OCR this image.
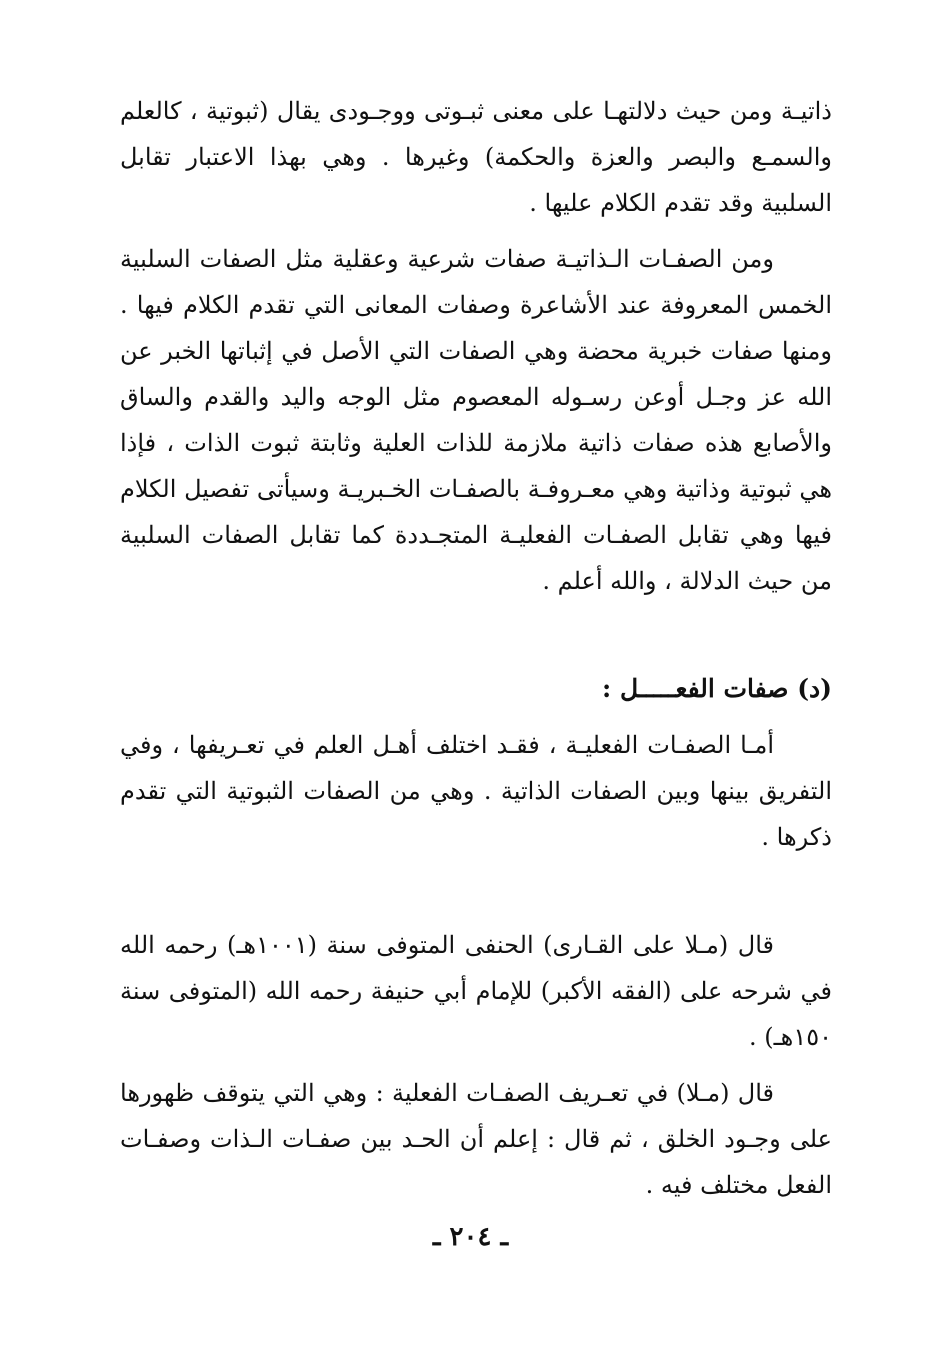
ذاتيـة ومن حيث دلالتهـا على معنى ثبـوتى ووجـودى يقال (ثبوتية ، كالعلم والسمـع والبصر والعزة والحكمة) وغيرها . وهي بهذا الاعتبار تقابل السلبية وقد تقدم الكلام عليها .

ومن الصفـات الـذاتيـة صفات شرعية وعقلية مثل الصفات السلبية الخمس المعروفة عند الأشاعرة وصفات المعانى التي تقدم الكلام فيها . ومنها صفات خبرية محضة وهي الصفات التي الأصل في إثباتها الخبر عن الله عز وجـل أوعن رسـوله المعصوم مثل الوجه واليد والقدم والساق والأصابع هذه صفات ذاتية ملازمة للذات العلية وثابتة ثبوت الذات ، فإذا هي ثبوتية وذاتية وهي معـروفـة بالصفـات الخـبريـة وسيأتى تفصيل الكلام فيها وهي تقابل الصفـات الفعليـة المتجـددة كما تقابل الصفات السلبية من حيث الدلالة ، والله أعلم .

(د) صفات الفعـــــل :

أمـا الصفـات الفعليـة ، فقـد اختلف أهـل العلم في تعـريفها ، وفي التفريق بينها وبين الصفات الذاتية . وهي من الصفات الثبوتية التي تقدم ذكرها .

قال (مـلا على القـارى) الحنفى المتوفى سنة (١٠٠١هـ) رحمه الله في شرحه على (الفقه الأكبر) للإمام أبي حنيفة رحمه الله (المتوفى سنة ١٥٠هـ) .

قال (مـلا) في تعـريف الصفـات الفعلية : وهي التي يتوقف ظهورها على وجـود الخلق ، ثم قال : إعلم أن الحـد بين صفـات الـذات وصفـات الفعل مختلف فيه .

ـ ٢٠٤ ـ
